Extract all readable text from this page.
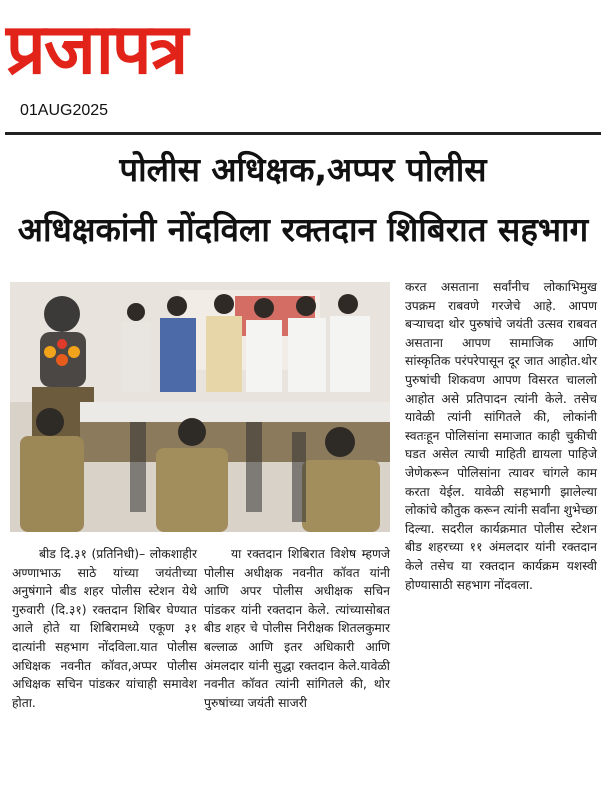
प्रजापत्र
01AUG2025
पोलीस अधिक्षक,अप्पर पोलीस
अधिक्षकांनी नोंदविला रक्तदान शिबिरात सहभाग

बीड दि.३१ (प्रतिनिधी)– लोकशाहीर अण्णाभाऊ साठे यांच्या जयंतीच्या अनुषंगाने बीड शहर पोलीस स्टेशन येथे गुरुवारी (दि.३१) रक्तदान शिबिर घेण्यात आले होते या शिबिरामध्ये एकूण ३१ दात्यांनी सहभाग नोंदविला.यात पोलीस अधिक्षक नवनीत कॉवत,अप्पर पोलीस अधिक्षक सचिन पांडकर यांचाही समावेश होता.

या रक्तदान शिबिरात विशेष म्हणजे पोलीस अधीक्षक नवनीत कॉवत यांनी आणि अपर पोलीस अधीक्षक सचिन पांडकर यांनी रक्तदान केले. त्यांच्यासोबत बीड शहर चे पोलीस निरीक्षक शितलकुमार बल्लाळ आणि इतर अधिकारी आणि अंमलदार यांनी सुद्धा रक्तदान केले.यावेळी नवनीत कॉवत त्यांनी सांगितले की, थोर पुरुषांच्या जयंती साजरी

करत असताना सर्वांनीच लोकाभिमुख उपक्रम राबवणे गरजेचे आहे. आपण बऱ्याचदा थोर पुरुषांचे जयंती उत्सव राबवत असताना आपण सामाजिक आणि सांस्कृतिक परंपरेपासून दूर जात आहोत.थोर पुरुषांची शिकवण आपण विसरत चाललो आहोत असे प्रतिपादन त्यांनी केले. तसेच यावेळी त्यांनी सांगितले की, लोकांनी स्वतःहून पोलिसांना समाजात काही चुकीची घडत असेल त्याची माहिती द्यायला पाहिजे जेणेकरून पोलिसांना त्यावर चांगले काम करता येईल. यावेळी सहभागी झालेल्या लोकांचे कौतुक करून त्यांनी सर्वांना शुभेच्छा दिल्या. सदरील कार्यक्रमात पोलीस स्टेशन बीड शहरच्या ११ अंमलदार यांनी रक्तदान केले तसेच या रक्तदान कार्यक्रम यशस्वी होण्यासाठी सहभाग नोंदवला.
